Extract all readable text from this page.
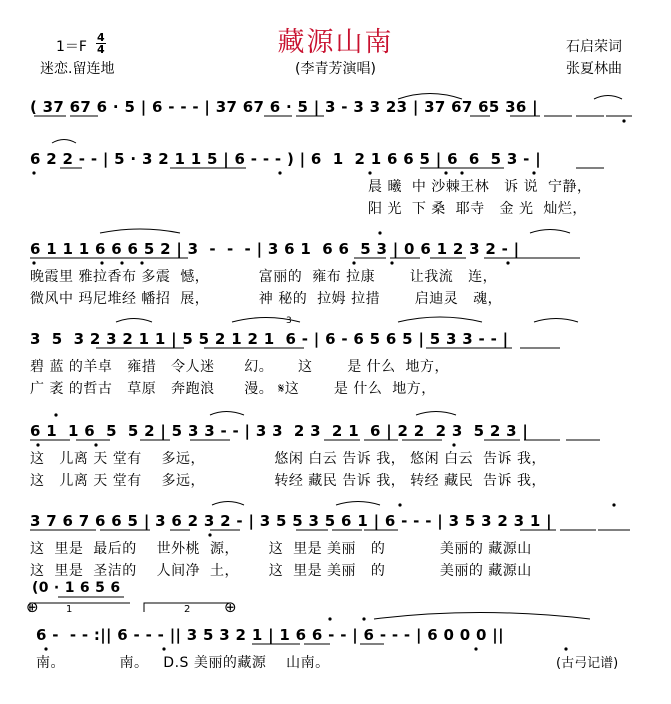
藏源山南
$1=F \frac{4}{4}$
迷恋.留连地	(李青芳演唱)
石启荣词
张夏林曲
( 37 67 6 · 5 | 6 - - - | 37 67 6 · 5 | 3 - 3 3 23 | 37 67 65 36 |
6 2 2 - - | 5 · 3 2 1 1 5 | 6 - - - ) | 6  1  2 1 6 6 5 | 6  6  5 3 - |
晨 曦  中 沙棘王林   诉 说  宁静，
阳 光  下 桑  耶寺   金 光  灿烂，
6 1 1 1 6 6 6 5 2 | 3  -  -  - | 3 6 1  6 6  5 3 | 0 6 1 2 3 2 - |
晚霞里 雅拉香布 多震  憾，          富丽的  雍布 拉康       让我流   连，
微风中 玛尼堆经 幡招  展，          神 秘的  拉姆 拉措       启迪灵   魂，
3  5  3 2 3 2 1 1 | 5 5 2 1 2 1  6 - | 6 - 6 5 6 5 | 5 3 3 - - |
碧 蓝 的羊卓   雍措   令人迷      幻。     这       是 什么  地方，
广 袤 的哲古   草原   奔跑浪      漫。 𝄋这       是 什么  地方，
6 1  1 6  5  5 2 | 5 3 3 - - | 3 3  2 3  2 1  6 | 2 2  2 3  5 2 3 |
这   儿离 天 堂有    多远，              悠闲 白云 告诉 我， 悠闲 白云  告诉 我，
这   儿离 天 堂有    多远，              转经 藏民 告诉 我， 转经 藏民  告诉 我，
3 7 6 7 6 6 5 | 3 6 2 3 2 - | 3 5 5 3 5 6 1 | 6 - - - | 3 5 3 2 3 1 |
这  里是  最后的    世外桃  源，      这  里是 美丽   的           美丽的 藏源山
这  里是  圣洁的    人间净  土，      这  里是 美丽   的           美丽的 藏源山
(0 · 1 6 5 6
⊕	⊕
1	2
3
6 -  - - :|| 6 - - - || 3 5 3 2 1 | 1 6 6 - - | 6 - - - | 6 0 0 0 ||
南。           南。   D.S 美丽的藏源    山南。	(古弓记谱)
